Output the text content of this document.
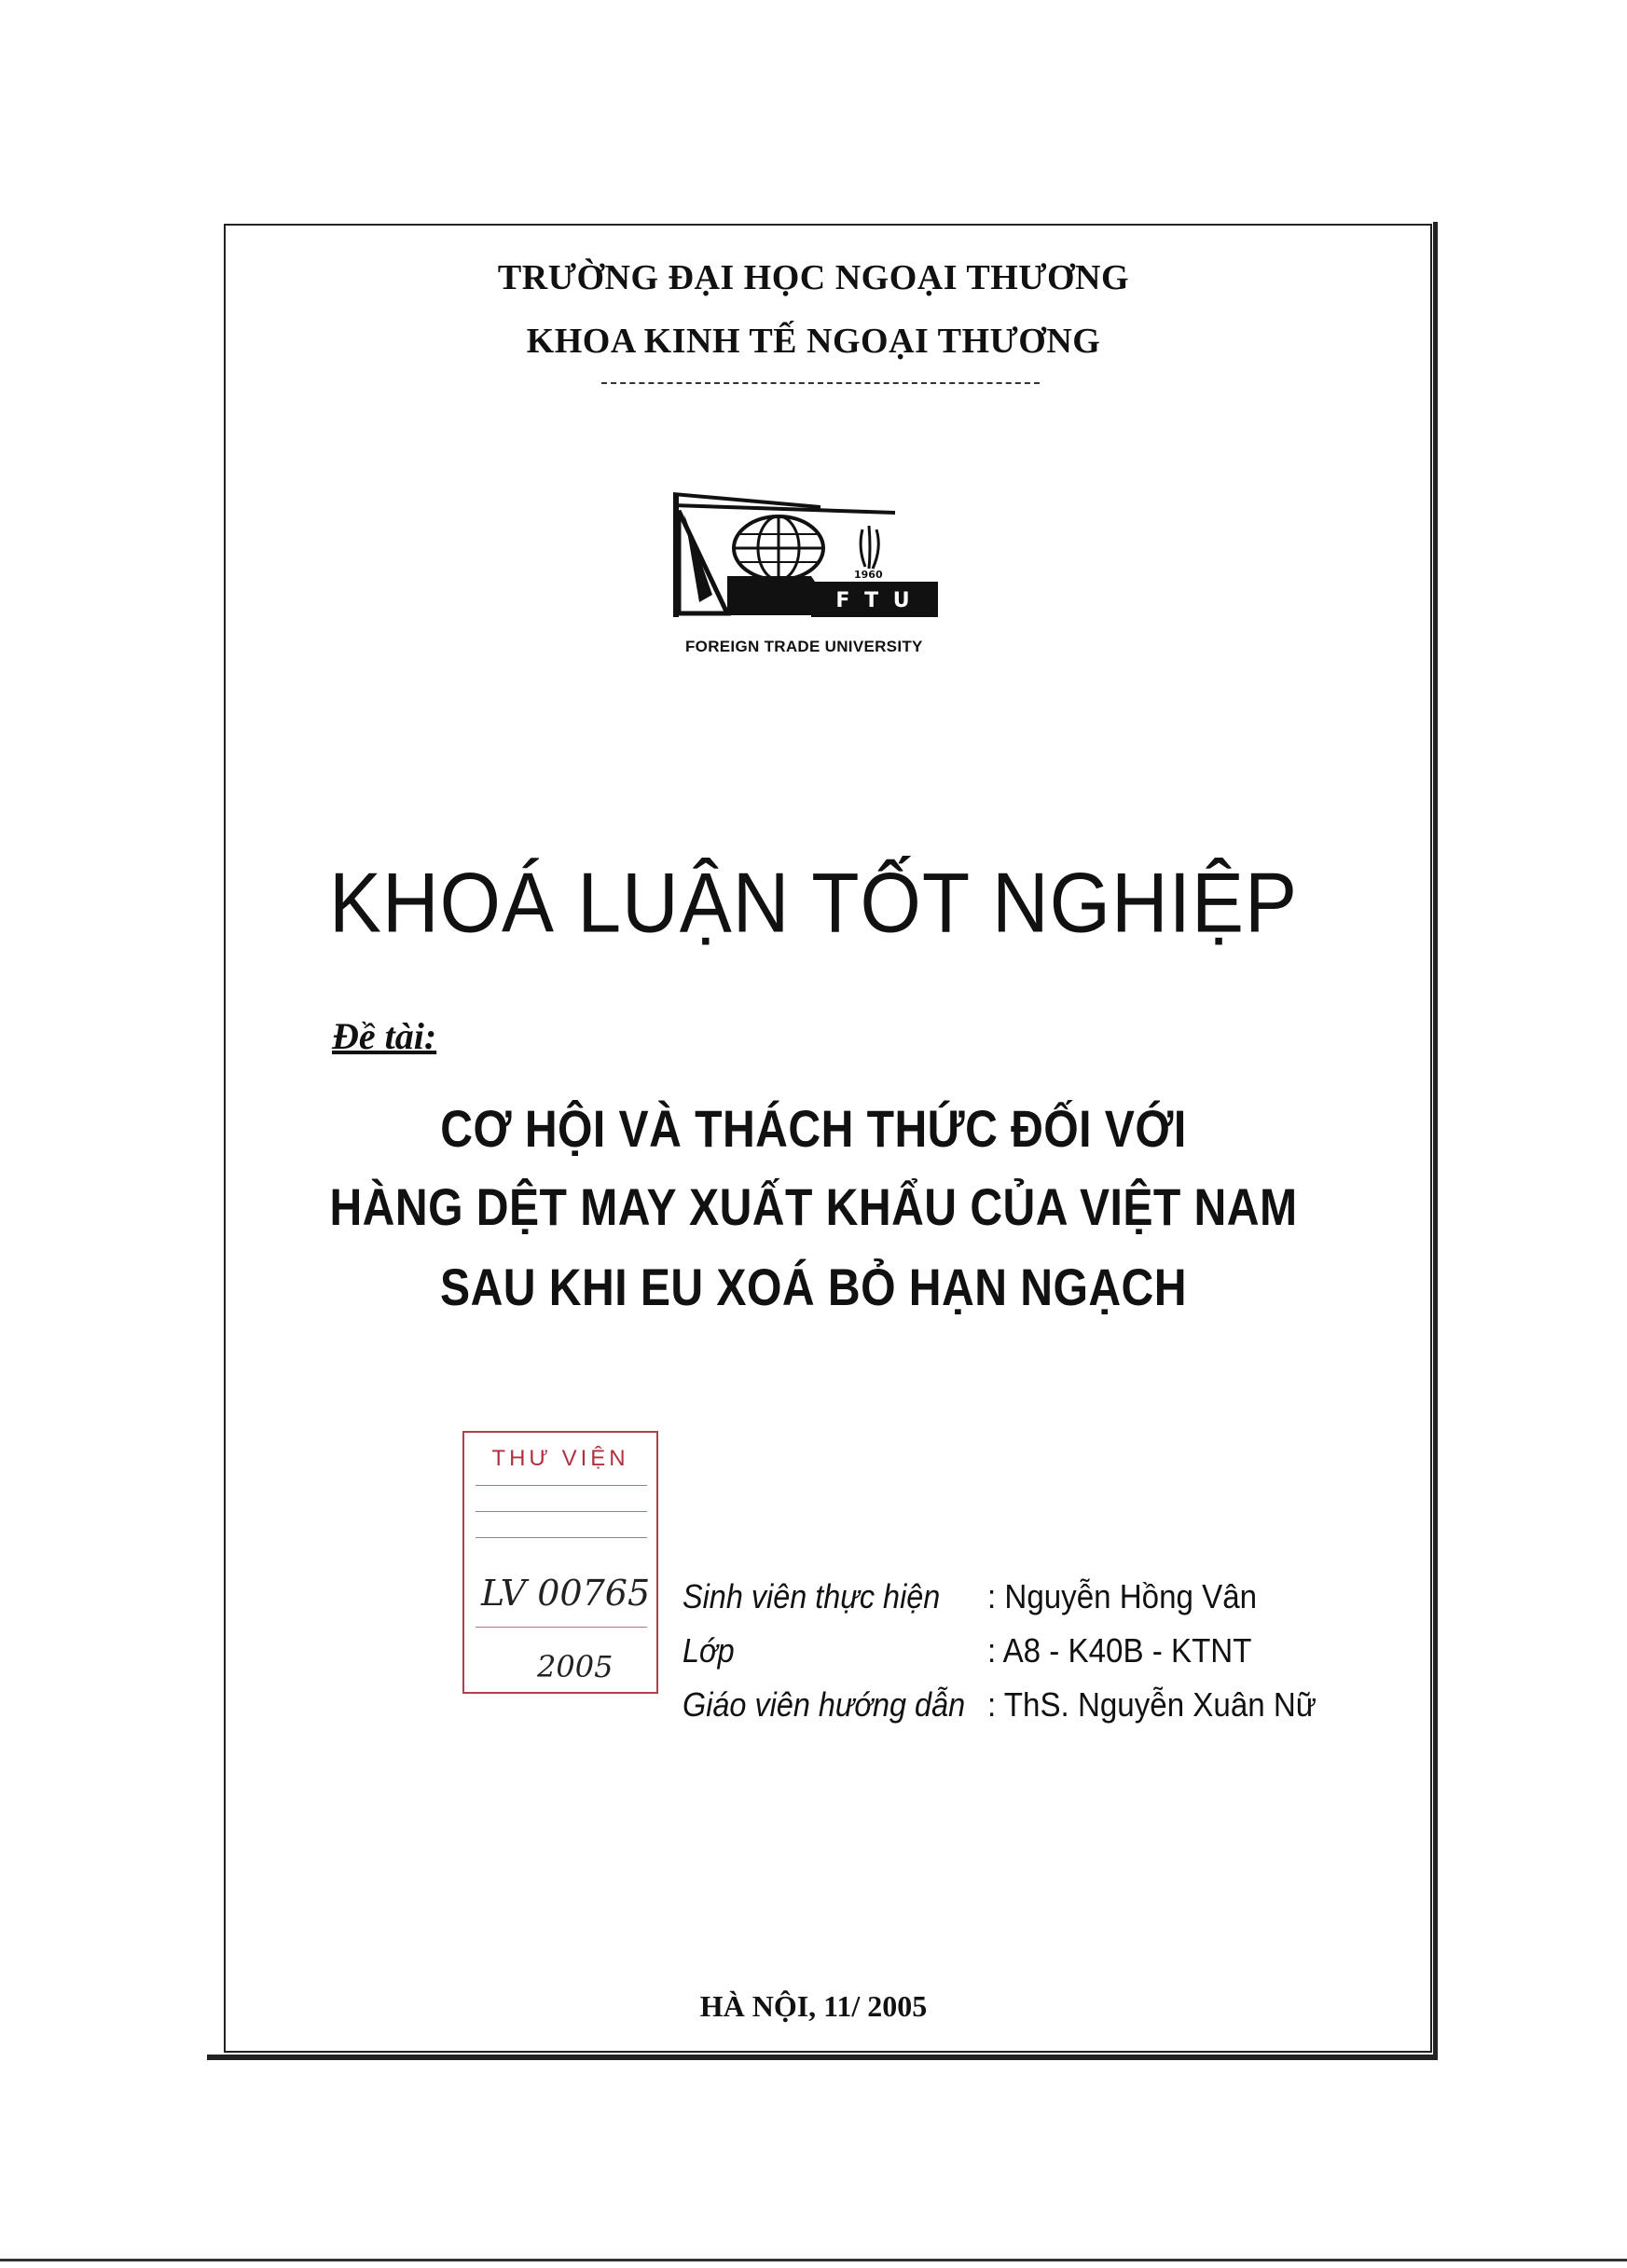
TRƯỜNG ĐẠI HỌC NGOẠI THƯƠNG
KHOA KINH TẾ NGOẠI THƯƠNG
1960
F T U
FOREIGN TRADE UNIVERSITY
KHOÁ LUẬN TỐT NGHIỆP
Đề tài:
CƠ HỘI VÀ THÁCH THỨC ĐỐI VỚI
HÀNG DỆT MAY XUẤT KHẨU CỦA VIỆT NAM
SAU KHI EU XOÁ BỎ HẠN NGẠCH
THƯ VIỆN
LV 00765
2005
Sinh viên thực hiện : Nguyễn Hồng Vân
Lớp	: A8 - K40B - KTNT
Giáo viên hướng dẫn : ThS. Nguyễn Xuân Nữ
HÀ NỘI, 11/ 2005
